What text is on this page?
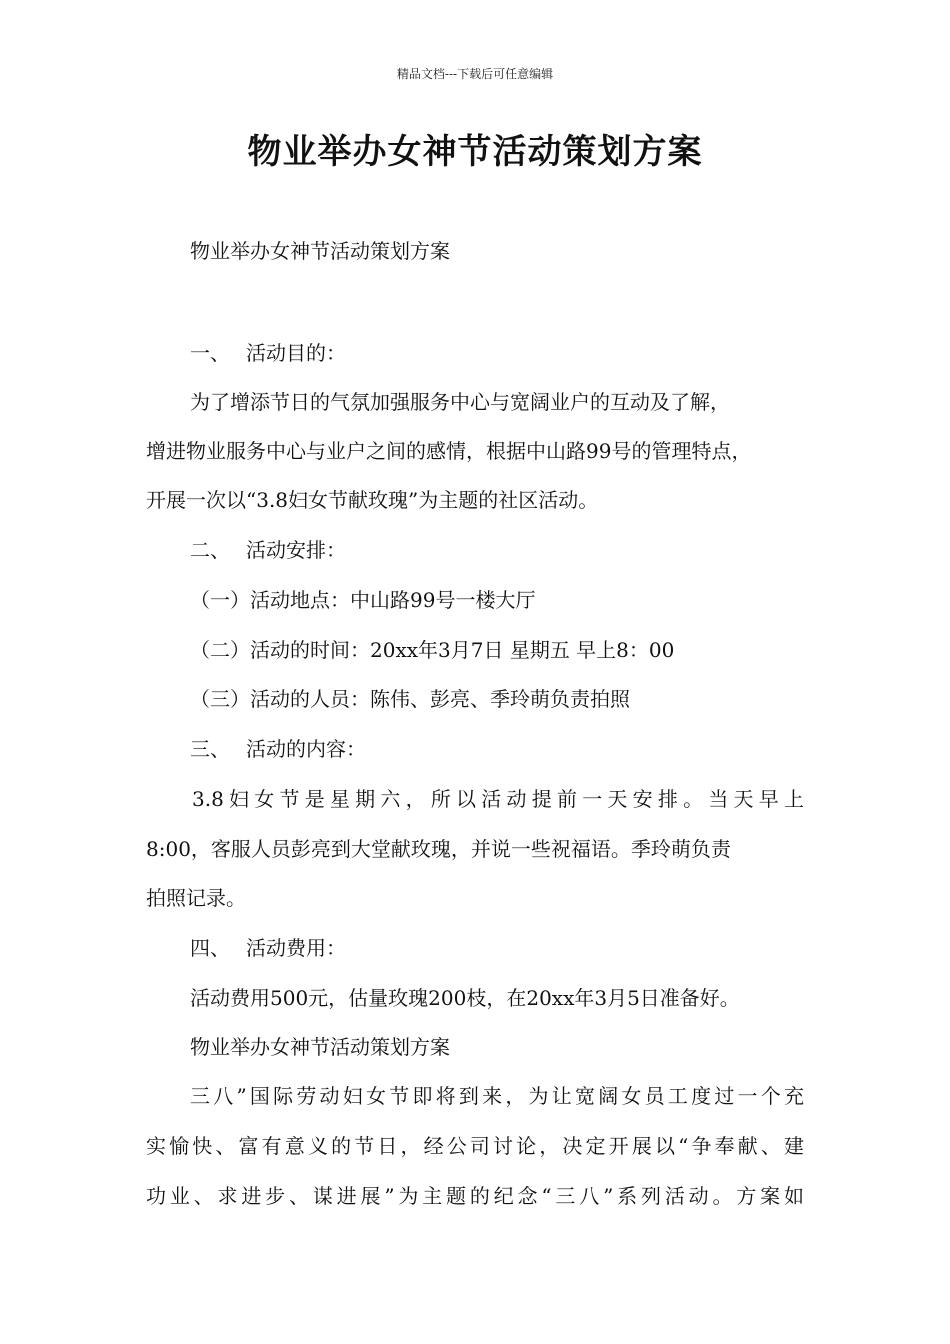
精品文档---下载后可任意编辑
物业举办女神节活动策划方案

物业举办女神节活动策划方案

一、 活动目的：

为了增添节日的气氛加强服务中心与宽阔业户的互动及了解，

增进物业服务中心与业户之间的感情，根据中山路99号的管理特点，

开展一次以“3.8妇女节献玫瑰”为主题的社区活动。

二、 活动安排：

（一）活动地点：中山路99号一楼大厅

（二）活动的时间：20xx年3月7日 星期五 早上8：00

（三）活动的人员：陈伟、彭亮、季玲萌负责拍照

三、 活动的内容：

3.8妇女节是星期六，所以活动提前一天安排。当天早上

8:00，客服人员彭亮到大堂献玫瑰，并说一些祝福语。季玲萌负责

拍照记录。

四、 活动费用：

活动费用500元，估量玫瑰200枝，在20xx年3月5日准备好。

物业举办女神节活动策划方案

三八”国际劳动妇女节即将到来，为让宽阔女员工度过一个充

实愉快、富有意义的节日，经公司讨论，决定开展以“争奉献、建

功业、求进步、谋进展”为主题的纪念“三八”系列活动。方案如
